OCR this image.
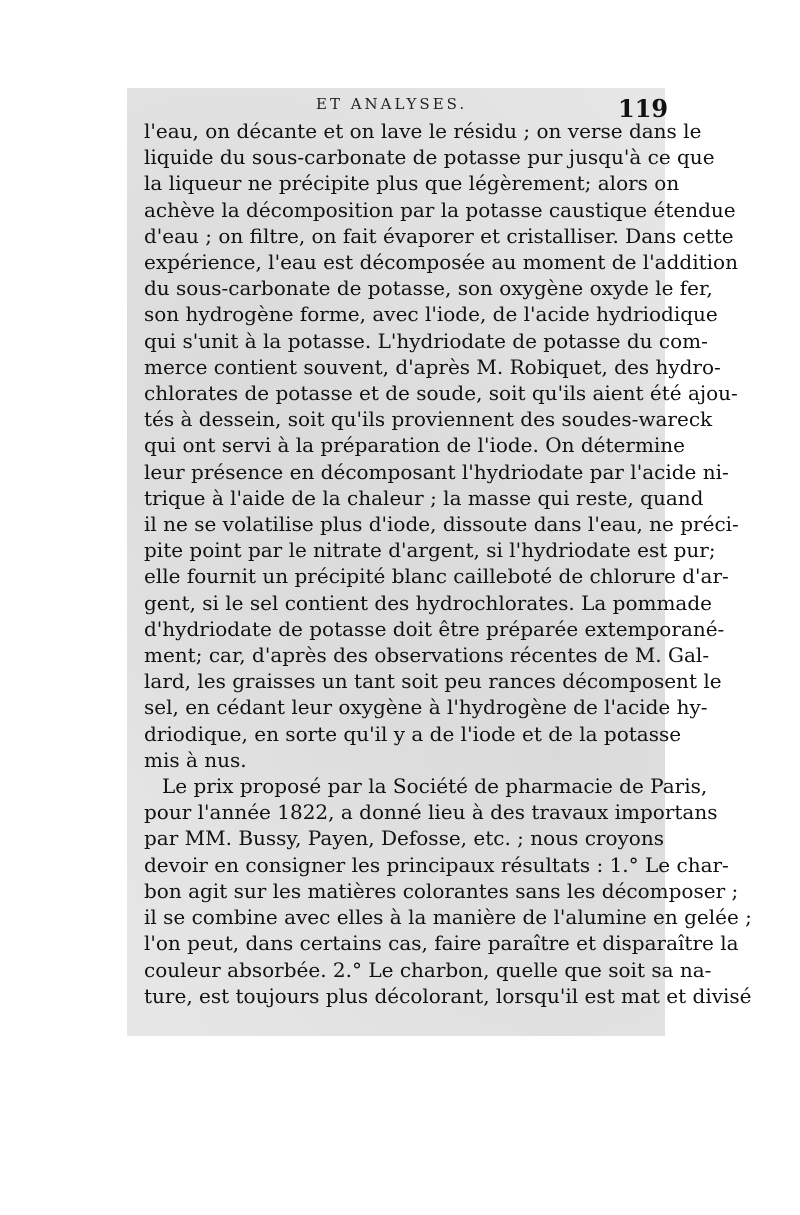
ET ANALYSES.	119
l'eau, on décante et on lave le résidu ; on verse dans le
liquide du sous-carbonate de potasse pur jusqu'à ce que
la liqueur ne précipite plus que légèrement; alors on
achève la décomposition par la potasse caustique étendue
d'eau ; on filtre, on fait évaporer et cristalliser. Dans cette
expérience, l'eau est décomposée au moment de l'addition
du sous-carbonate de potasse, son oxygène oxyde le fer,
son hydrogène forme, avec l'iode, de l'acide hydriodique
qui s'unit à la potasse. L'hydriodate de potasse du com-
merce contient souvent, d'après M. Robiquet, des hydro-
chlorates de potasse et de soude, soit qu'ils aient été ajou-
tés à dessein, soit qu'ils proviennent des soudes-wareck
qui ont servi à la préparation de l'iode. On détermine
leur présence en décomposant l'hydriodate par l'acide ni-
trique à l'aide de la chaleur ; la masse qui reste, quand
il ne se volatilise plus d'iode, dissoute dans l'eau, ne préci-
pite point par le nitrate d'argent, si l'hydriodate est pur;
elle fournit un précipité blanc cailleboté de chlorure d'ar-
gent, si le sel contient des hydrochlorates. La pommade
d'hydriodate de potasse doit être préparée extemporané-
ment; car, d'après des observations récentes de M. Gal-
lard, les graisses un tant soit peu rances décomposent le
sel, en cédant leur oxygène à l'hydrogène de l'acide hy-
driodique, en sorte qu'il y a de l'iode et de la potasse
mis à nus.
Le prix proposé par la Société de pharmacie de Paris,
pour l'année 1822, a donné lieu à des travaux importans
par MM. Bussy, Payen, Defosse, etc. ; nous croyons
devoir en consigner les principaux résultats : 1.° Le char-
bon agit sur les matières colorantes sans les décomposer ;
il se combine avec elles à la manière de l'alumine en gelée ;
l'on peut, dans certains cas, faire paraître et disparaître la
couleur absorbée. 2.° Le charbon, quelle que soit sa na-
ture, est toujours plus décolorant, lorsqu'il est mat et divisé
